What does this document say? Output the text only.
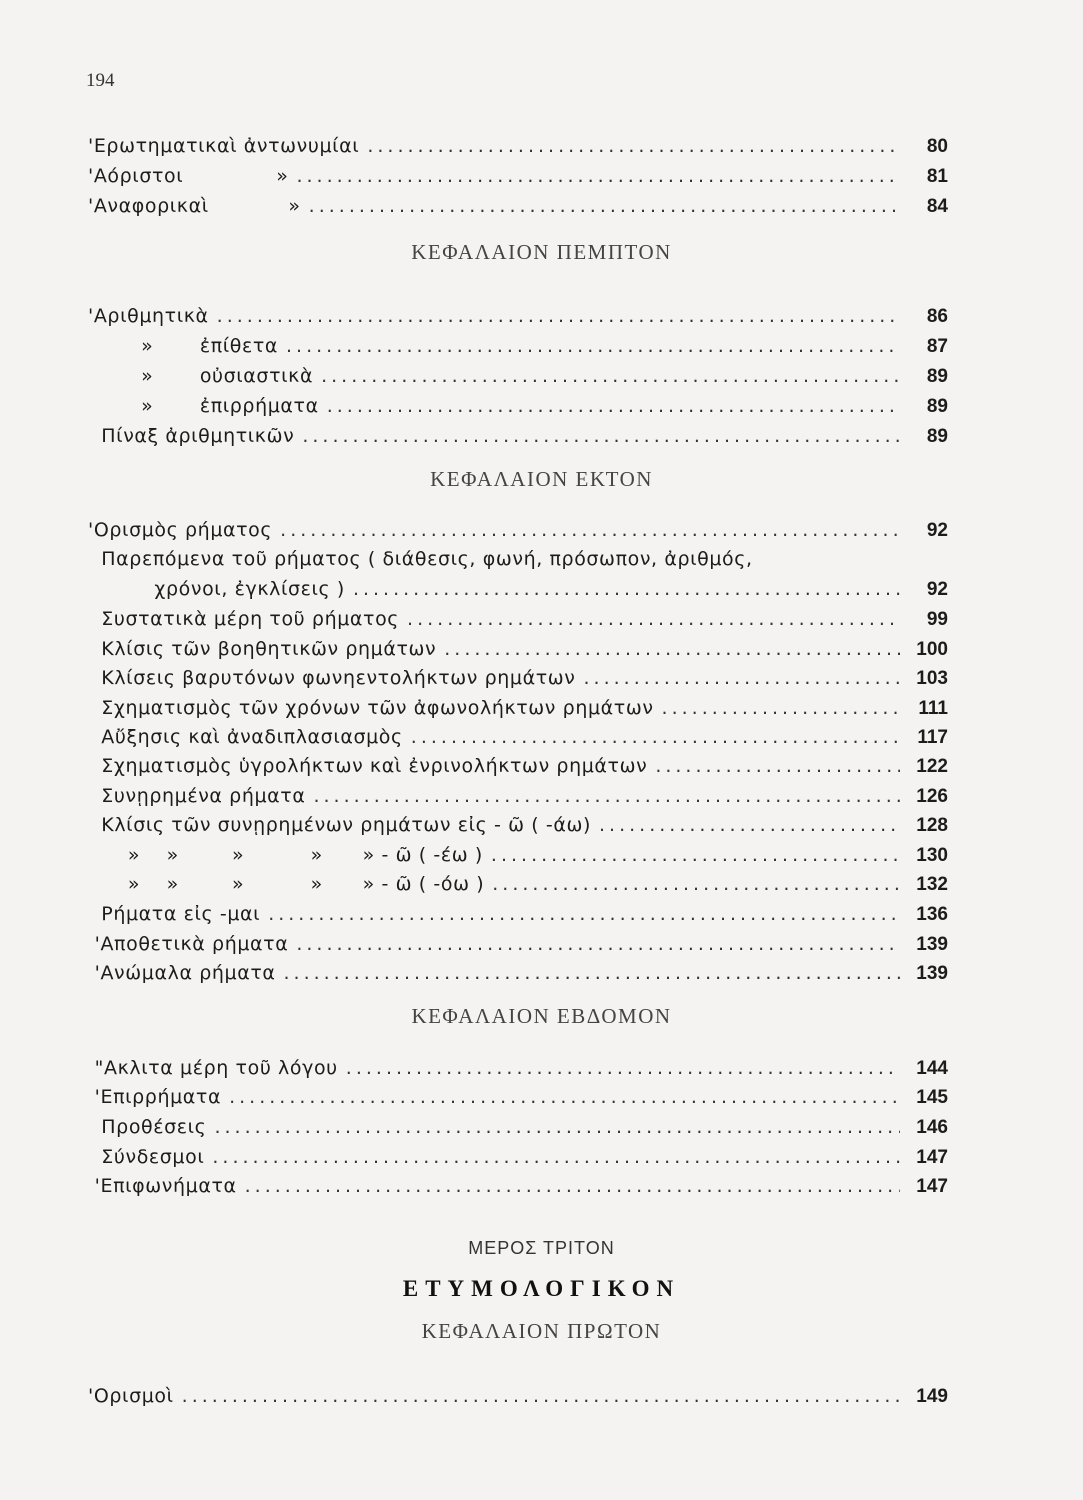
194
'Ερωτηματικαὶ ἀντωνυμίαι .....	80
'Αόριστοι              » .....	81
'Αναφορικαὶ            » .....	84
ΚΕΦΑΛΑΙΟΝ ΠΕΜΠΤΟΝ
'Αριθμητικὰ .....	86
»       ἐπίθετα .....	87
»       οὐσιαστικὰ .....	89
»       ἐπιρρήματα .....	89
Πίναξ ἀριθμητικῶν .....	89
ΚΕΦΑΛΑΙΟΝ ΕΚΤΟΝ
'Ορισμὸς ρήματος .....	92
Παρεπόμενα τοῦ ρήματος ( διάθεσις, φωνή, πρόσωπον, ἀριθμός,
χρόνοι, ἐγκλίσεις ) .....	92
Συστατικὰ μέρη τοῦ ρήματος .....	99
Κλίσις τῶν βοηθητικῶν ρημάτων .....	100
Κλίσεις βαρυτόνων φωνηεντολήκτων ρημάτων .....	103
Σχηματισμὸς τῶν χρόνων τῶν ἀφωνολήκτων ρημάτων .....	111
Αὔξησις καὶ ἀναδιπλασιασμὸς .....	117
Σχηματισμὸς ὑγρολήκτων καὶ ἐνρινολήκτων ρημάτων .....	122
Συνῃρημένα ρήματα .....	126
Κλίσις τῶν συνῃρημένων ρημάτων εἰς - ῶ ( -άω) .....	128
»    »        »          »      » - ῶ ( -έω ) .....	130
»    »        »          »      » - ῶ ( -όω ) .....	132
Ρήματα εἰς -μαι .....	136
'Αποθετικὰ ρήματα .....	139
'Ανώμαλα ρήματα .....	139
ΚΕΦΑΛΑΙΟΝ ΕΒΔΟΜΟΝ
"Ακλιτα μέρη τοῦ λόγου .....	144
'Επιρρήματα .....	145
Προθέσεις .....	146
Σύνδεσμοι .....	147
'Επιφωνήματα .....	147
ΜΕΡΟΣ ΤΡΙΤΟΝ
ΕΤΥΜΟΛΟΓΙΚΟΝ
ΚΕΦΑΛΑΙΟΝ ΠΡΩΤΟΝ
'Ορισμοὶ .....	149
